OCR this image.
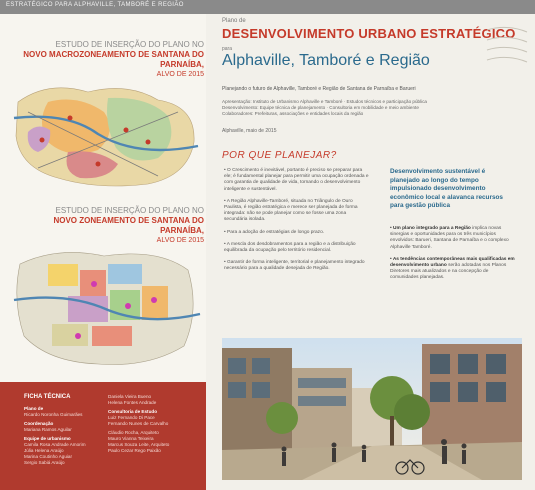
ESTRATÉGICO PARA ALPHAVILLE, TAMBORÉ E REGIÃO
ESTUDO DE INSERÇÃO DO PLANO NO
NOVO MACROZONEAMENTO DE SANTANA DO PARNAÍBA,
ALVO DE 2015
ESTUDO DE INSERÇÃO DO PLANO NO
NOVO ZONEAMENTO DE SANTANA DO PARNAÍBA,
ALVO DE 2015
FICHA TÉCNICA
Plano de
Ricardo Noronha Guimarães
Coordenação
Mariana Ramos Aguilar
Equipe de urbanismo
Camila Rosa Andrade Amorim
Júlia Helena Araújo
Marina Coutinho Aguiar
Sergio Sabiá Araújo
Daniela Vieira Bueno
Helena Fontes Andrade
Consultoria de Estudo
Luiz Fernando Di Pace
Fernando Nunes de Carvalho
Cláudio Rocha, Arquiteto
Mauro Vianna Teixeira
Marcus Souza Leite, Arquiteto
Paulo Cezar Rego Paixão
Plano de
DESENVOLVIMENTO URBANO ESTRATÉGICO
para
Alphaville, Tamboré e Região
Planejando o futuro de Alphaville, Tamboré e Região de Santana de Parnaíba e Barueri
Apresentação: Instituto de Urbanismo Alphaville e Tamboré · Estudos técnicos e participação pública
Desenvolvimento: Equipe técnica de planejamento · Consultoria em mobilidade e meio ambiente
Colaboradores: Prefeituras, associações e entidades locais da região
Alphaville, maio de 2015
POR QUE PLANEJAR?
• O Crescimento é inevitável, portanto é preciso se preparar para ele; é fundamental planejar para permitir uma ocupação ordenada e com garantia de qualidade de vida, tornando o desenvolvimento inteligente e sustentável.
• A Região Alphaville-Tamboré, situada no Triângulo de Ouro Paulista, é região estratégica e merece ser planejada de forma integrada: não se pode planejar como se fosse uma zona secundária isolada.
• Para a adoção de estratégias de longo prazo.
• A mescla dos desdobramentos para a região e a distribuição equilibrada da ocupação pelo território residencial.
• Garantir de forma inteligente, territorial e planejamento integrado necessário para a qualidade desejada de Região.
Desenvolvimento sustentável é planejado ao longo do tempo impulsionado desenvolvimento econômico local e alavanca recursos para gestão pública
• Um plano integrado para a Região implica novas sinergias e oportunidades para os três municípios envolvidos: Barueri, Santana de Parnaíba e o complexo Alphaville Tamboré.
• As tendências contemporâneas mais qualificadas em desenvolvimento urbano serão adotadas nos Planos Diretores mais atualizados e na concepção de comunidades planejadas.
